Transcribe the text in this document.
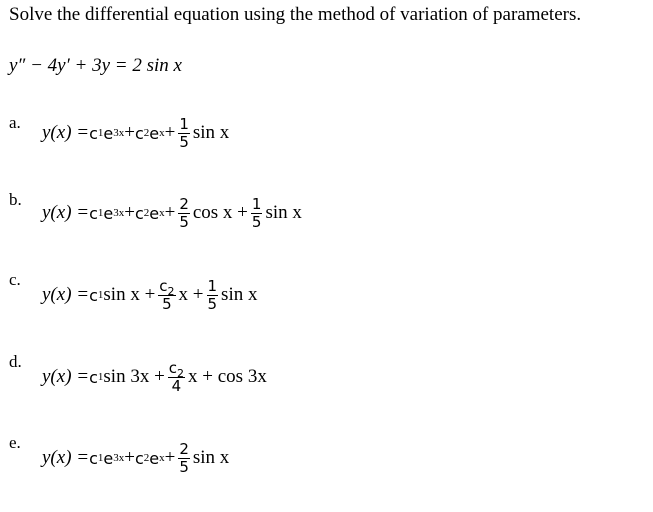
Solve the differential equation using the method of variation of parameters.
y″ − 4y′ + 3y = 2 sin x
a. y(x) = c 1 e 3x + c 2 e $x + \frac{1}{5}$ sin x
b.
y(x) = c 1 e 3x + c 2 e $x + \frac{2}{5}$ $\cos x + \frac{1}{5}$ sin x
c.
y(x) = c 1 $\sin x + \frac{c_2}{5}$ $x + \frac{1}{5}$ sin x
d.
y(x) = c 1 $\sin 3x + \frac{c_2}{4}$ x + cos 3x
e.
y(x) = c 1 e 3x + c 2 e $x + \frac{2}{5}$ sin x
